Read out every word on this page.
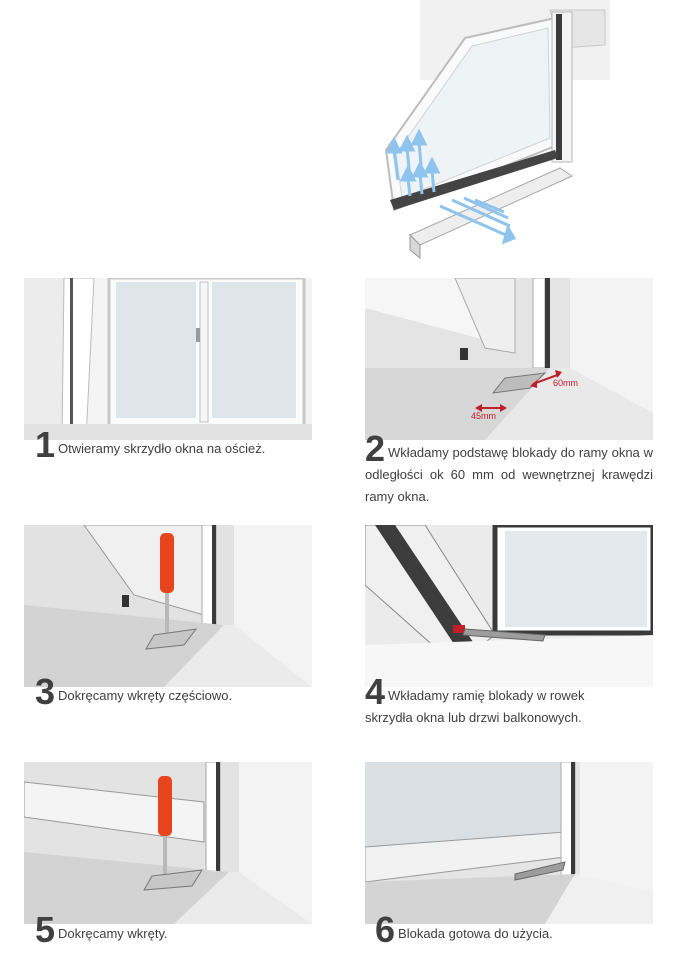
60mm
45mm
1 Otwieramy skrzydło okna na oścież.	2 Wkładamy podstawę blokady do ramy okna w odległości ok 60 mm od wewnętrznej krawędzi ramy okna.
3 Dokręcamy wkręty częściowo.	4 Wkładamy ramię blokady w rowek skrzydła okna lub drzwi balkonowych.
5 Dokręcamy wkręty.	6 Blokada gotowa do użycia.
